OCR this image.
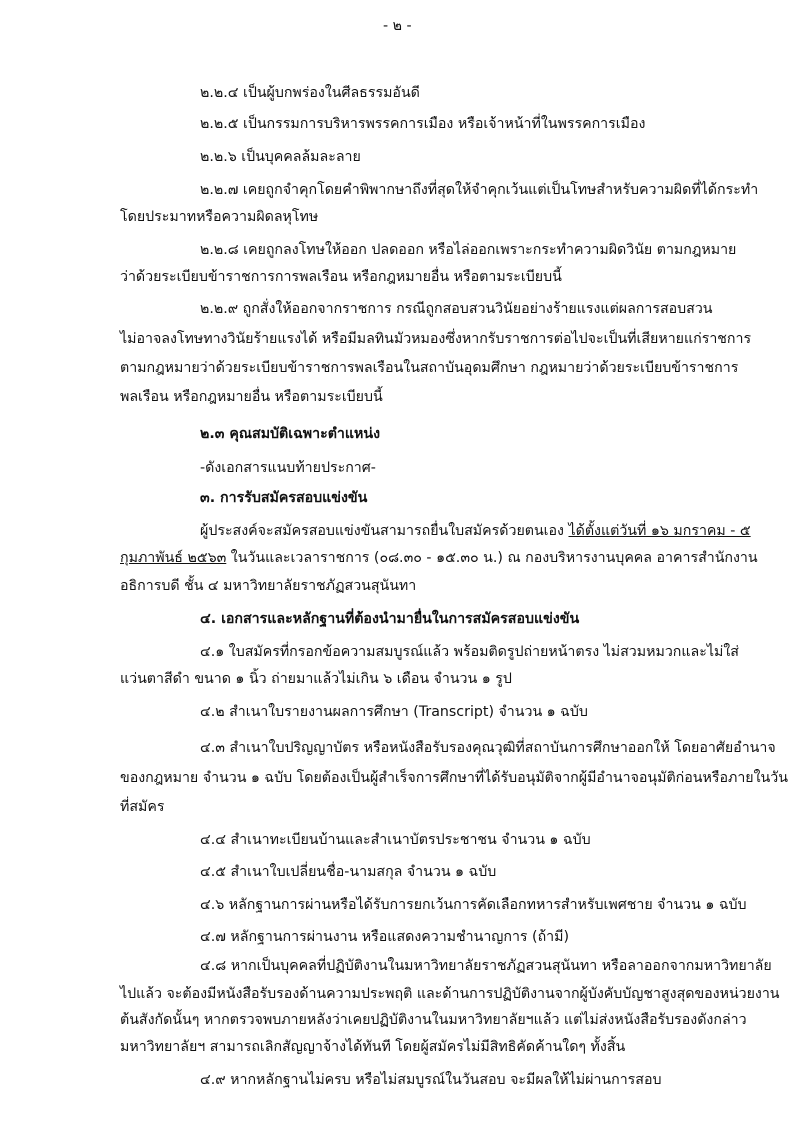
- ๒ -
๒.๒.๔ เป็นผู้บกพร่องในศีลธรรมอันดี
๒.๒.๕ เป็นกรรมการบริหารพรรคการเมือง หรือเจ้าหน้าที่ในพรรคการเมือง
๒.๒.๖ เป็นบุคคลล้มละลาย
๒.๒.๗ เคยถูกจำคุกโดยคำพิพากษาถึงที่สุดให้จำคุกเว้นแต่เป็นโทษสำหรับความผิดที่ได้กระทำ
โดยประมาทหรือความผิดลหุโทษ
๒.๒.๘ เคยถูกลงโทษให้ออก ปลดออก หรือไล่ออกเพราะกระทำความผิดวินัย ตามกฎหมาย
ว่าด้วยระเบียบข้าราชการการพลเรือน หรือกฎหมายอื่น หรือตามระเบียบนี้
๒.๒.๙ ถูกสั่งให้ออกจากราชการ กรณีถูกสอบสวนวินัยอย่างร้ายแรงแต่ผลการสอบสวน
ไม่อาจลงโทษทางวินัยร้ายแรงได้ หรือมีมลทินมัวหมองซึ่งหากรับราชการต่อไปจะเป็นที่เสียหายแก่ราชการ
ตามกฎหมายว่าด้วยระเบียบข้าราชการพลเรือนในสถาบันอุดมศึกษา กฎหมายว่าด้วยระเบียบข้าราชการ
พลเรือน หรือกฎหมายอื่น หรือตามระเบียบนี้
๒.๓ คุณสมบัติเฉพาะตำแหน่ง
-ดังเอกสารแนบท้ายประกาศ-
๓. การรับสมัครสอบแข่งขัน
ผู้ประสงค์จะสมัครสอบแข่งขันสามารถยื่นใบสมัครด้วยตนเอง ได้ตั้งแต่วันที่ ๑๖ มกราคม - ๕
กุมภาพันธ์ ๒๕๖๓ ในวันและเวลาราชการ (๐๘.๓๐ - ๑๕.๓๐ น.) ณ กองบริหารงานบุคคล อาคารสำนักงาน
อธิการบดี ชั้น ๔ มหาวิทยาลัยราชภัฏสวนสุนันทา
๔. เอกสารและหลักฐานที่ต้องนำมายื่นในการสมัครสอบแข่งขัน
๔.๑ ใบสมัครที่กรอกข้อความสมบูรณ์แล้ว พร้อมติดรูปถ่ายหน้าตรง ไม่สวมหมวกและไม่ใส่
แว่นตาสีดำ ขนาด ๑ นิ้ว ถ่ายมาแล้วไม่เกิน ๖ เดือน จำนวน ๑ รูป
๔.๒ สำเนาใบรายงานผลการศึกษา (Transcript) จำนวน ๑ ฉบับ
๔.๓ สำเนาใบปริญญาบัตร หรือหนังสือรับรองคุณวุฒิที่สถาบันการศึกษาออกให้ โดยอาศัยอำนาจ
ของกฎหมาย จำนวน ๑ ฉบับ โดยต้องเป็นผู้สำเร็จการศึกษาที่ได้รับอนุมัติจากผู้มีอำนาจอนุมัติก่อนหรือภายในวัน
ที่สมัคร
๔.๔ สำเนาทะเบียนบ้านและสำเนาบัตรประชาชน จำนวน ๑ ฉบับ
๔.๕ สำเนาใบเปลี่ยนชื่อ-นามสกุล จำนวน ๑ ฉบับ
๔.๖ หลักฐานการผ่านหรือได้รับการยกเว้นการคัดเลือกทหารสำหรับเพศชาย จำนวน ๑ ฉบับ
๔.๗ หลักฐานการผ่านงาน หรือแสดงความชำนาญการ (ถ้ามี)
๔.๘ หากเป็นบุคคลที่ปฏิบัติงานในมหาวิทยาลัยราชภัฏสวนสุนันทา หรือลาออกจากมหาวิทยาลัย
ไปแล้ว จะต้องมีหนังสือรับรองด้านความประพฤติ และด้านการปฏิบัติงานจากผู้บังคับบัญชาสูงสุดของหน่วยงาน
ต้นสังกัดนั้นๆ หากตรวจพบภายหลังว่าเคยปฏิบัติงานในมหาวิทยาลัยฯแล้ว แต่ไม่ส่งหนังสือรับรองดังกล่าว
มหาวิทยาลัยฯ สามารถเลิกสัญญาจ้างได้ทันที โดยผู้สมัครไม่มีสิทธิคัดค้านใดๆ ทั้งสิ้น
๔.๙ หากหลักฐานไม่ครบ หรือไม่สมบูรณ์ในวันสอบ จะมีผลให้ไม่ผ่านการสอบ
